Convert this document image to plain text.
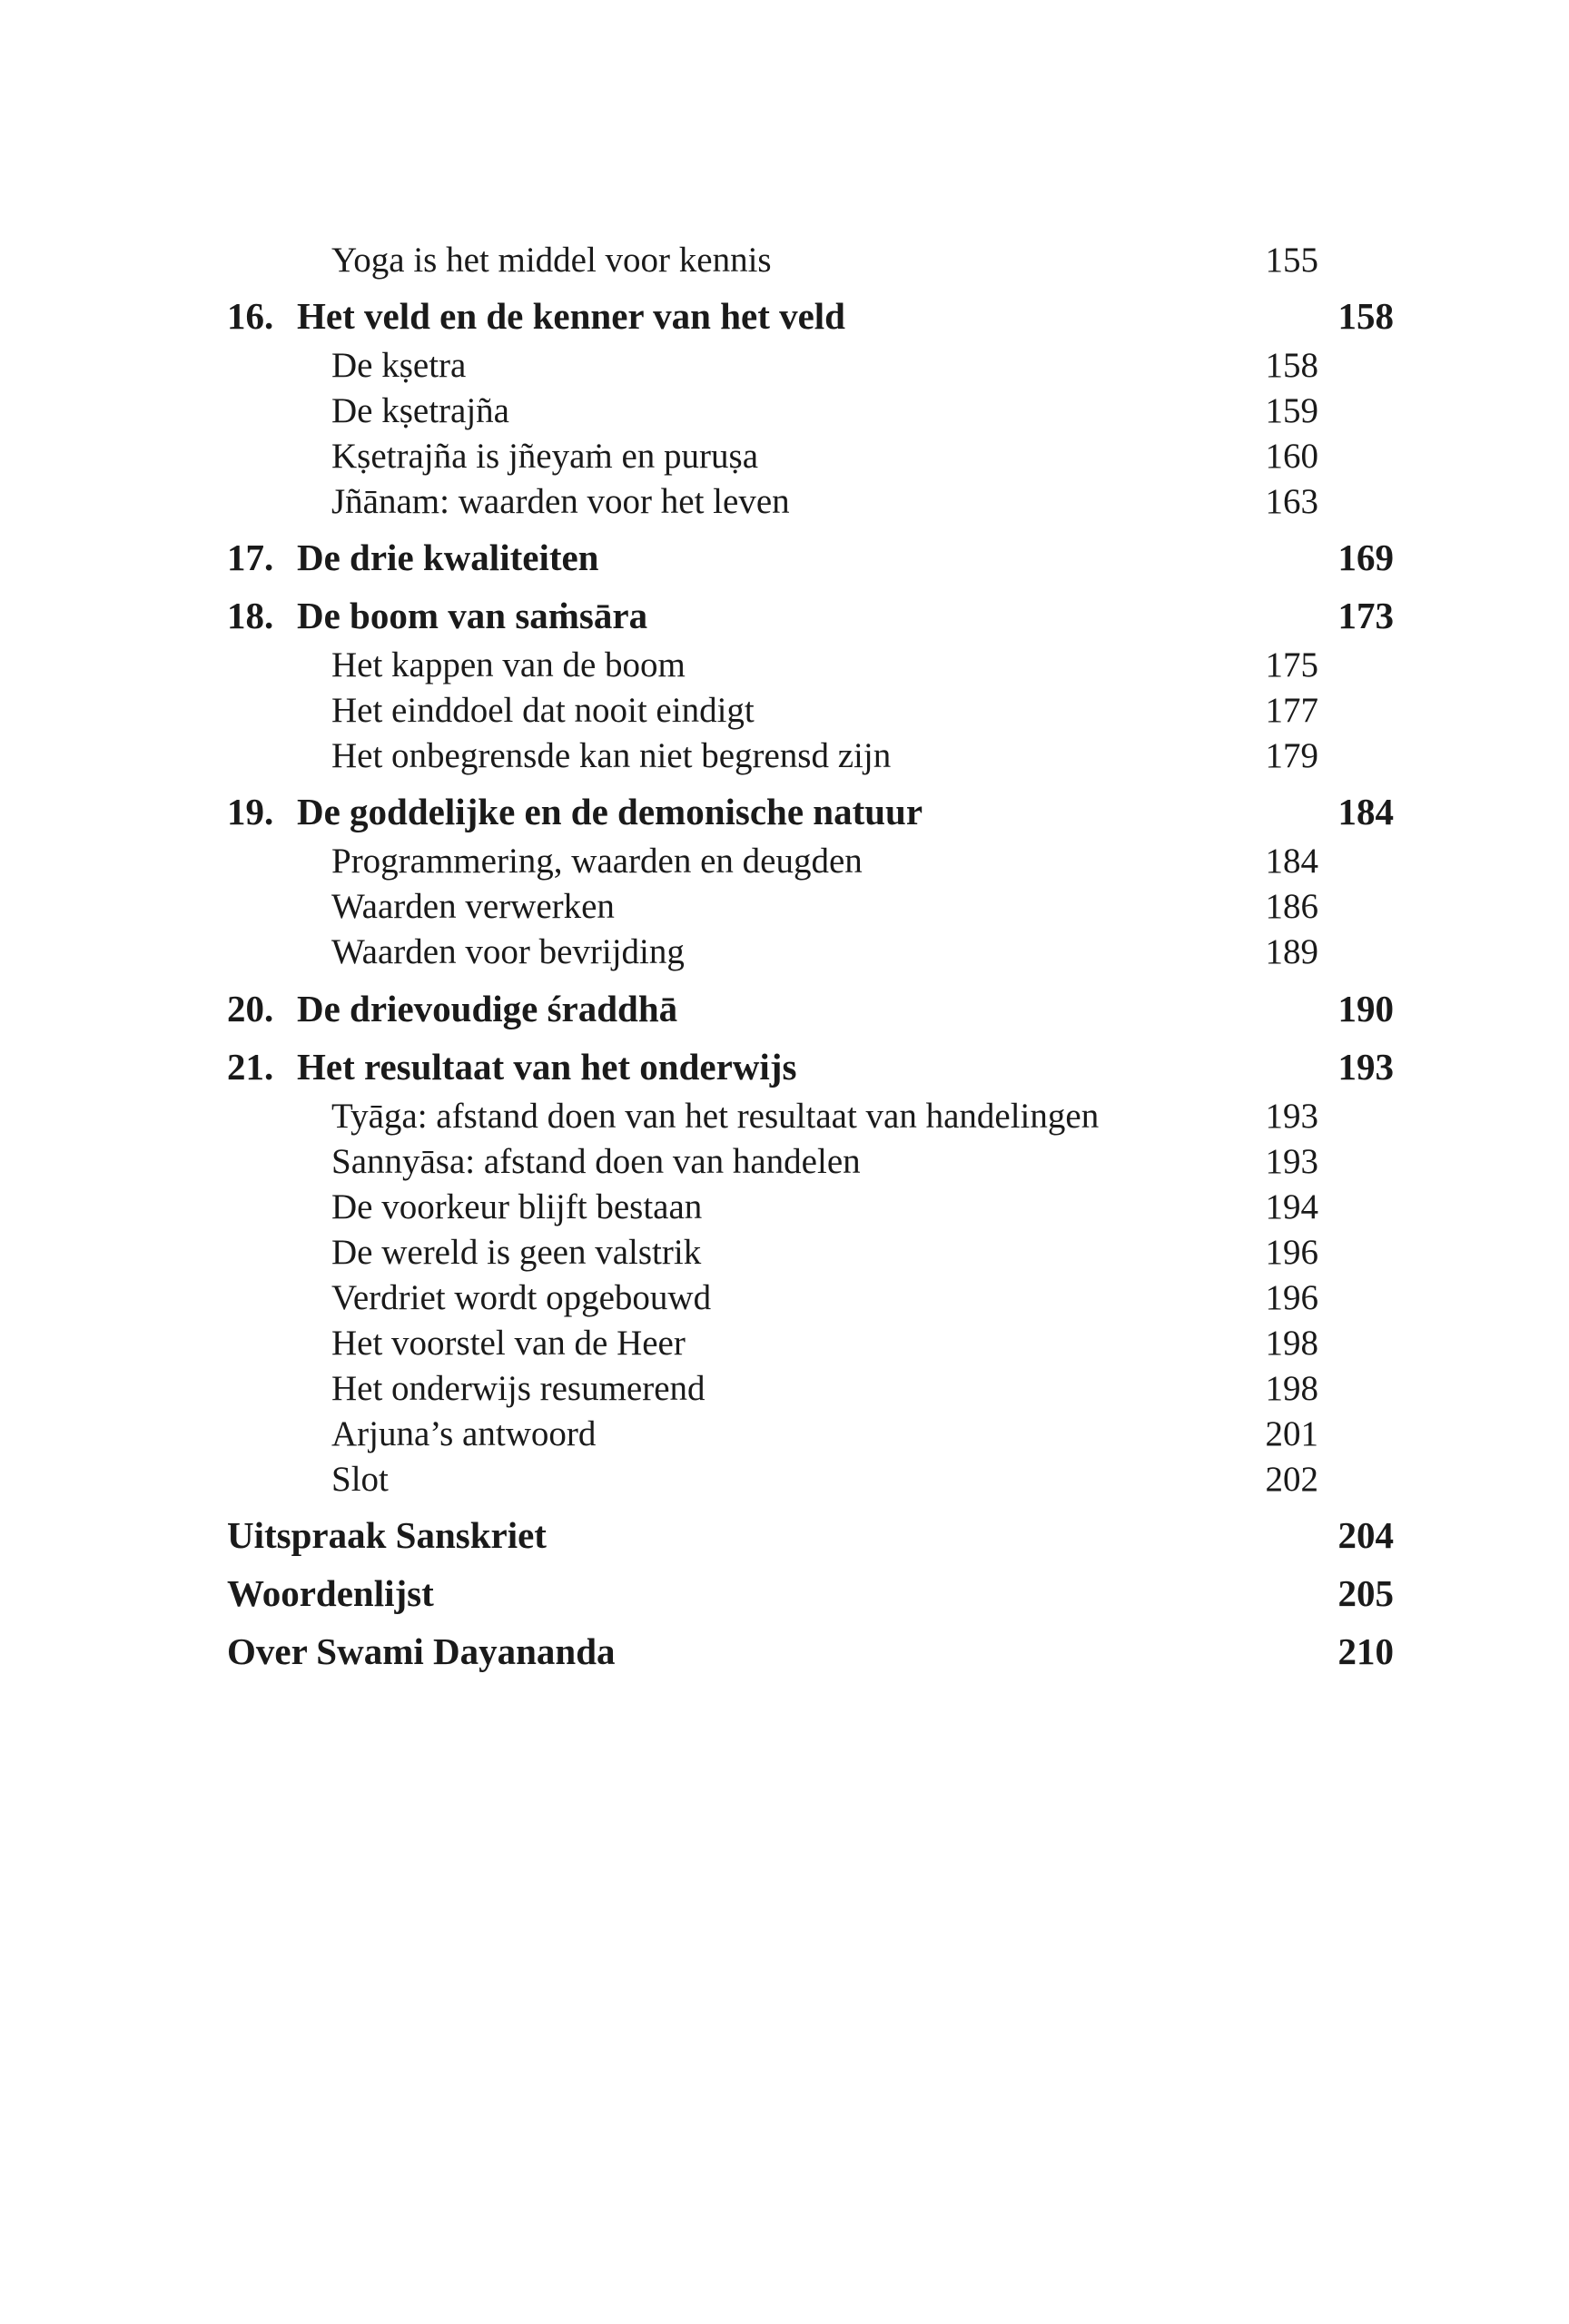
Yoga is het middel voor kennis	155
16. Het veld en de kenner van het veld	158
De kṣetra	158
De kṣetrajña	159
Kṣetrajña is jñeyaṁ en puruṣa	160
Jñānam: waarden voor het leven	163
17. De drie kwaliteiten	169
18. De boom van saṁsāra	173
Het kappen van de boom	175
Het einddoel dat nooit eindigt	177
Het onbegrensde kan niet begrensd zijn	179
19. De goddelijke en de demonische natuur	184
Programmering, waarden en deugden	184
Waarden verwerken	186
Waarden voor bevrijding	189
20. De drievoudige śraddhā	190
21. Het resultaat van het onderwijs	193
Tyāga: afstand doen van het resultaat van handelingen	193
Sannyāsa: afstand doen van handelen	193
De voorkeur blijft bestaan	194
De wereld is geen valstrik	196
Verdriet wordt opgebouwd	196
Het voorstel van de Heer	198
Het onderwijs resumerend	198
Arjuna’s antwoord	201
Slot	202
Uitspraak Sanskriet	204
Woordenlijst	205
Over Swami Dayananda	210
